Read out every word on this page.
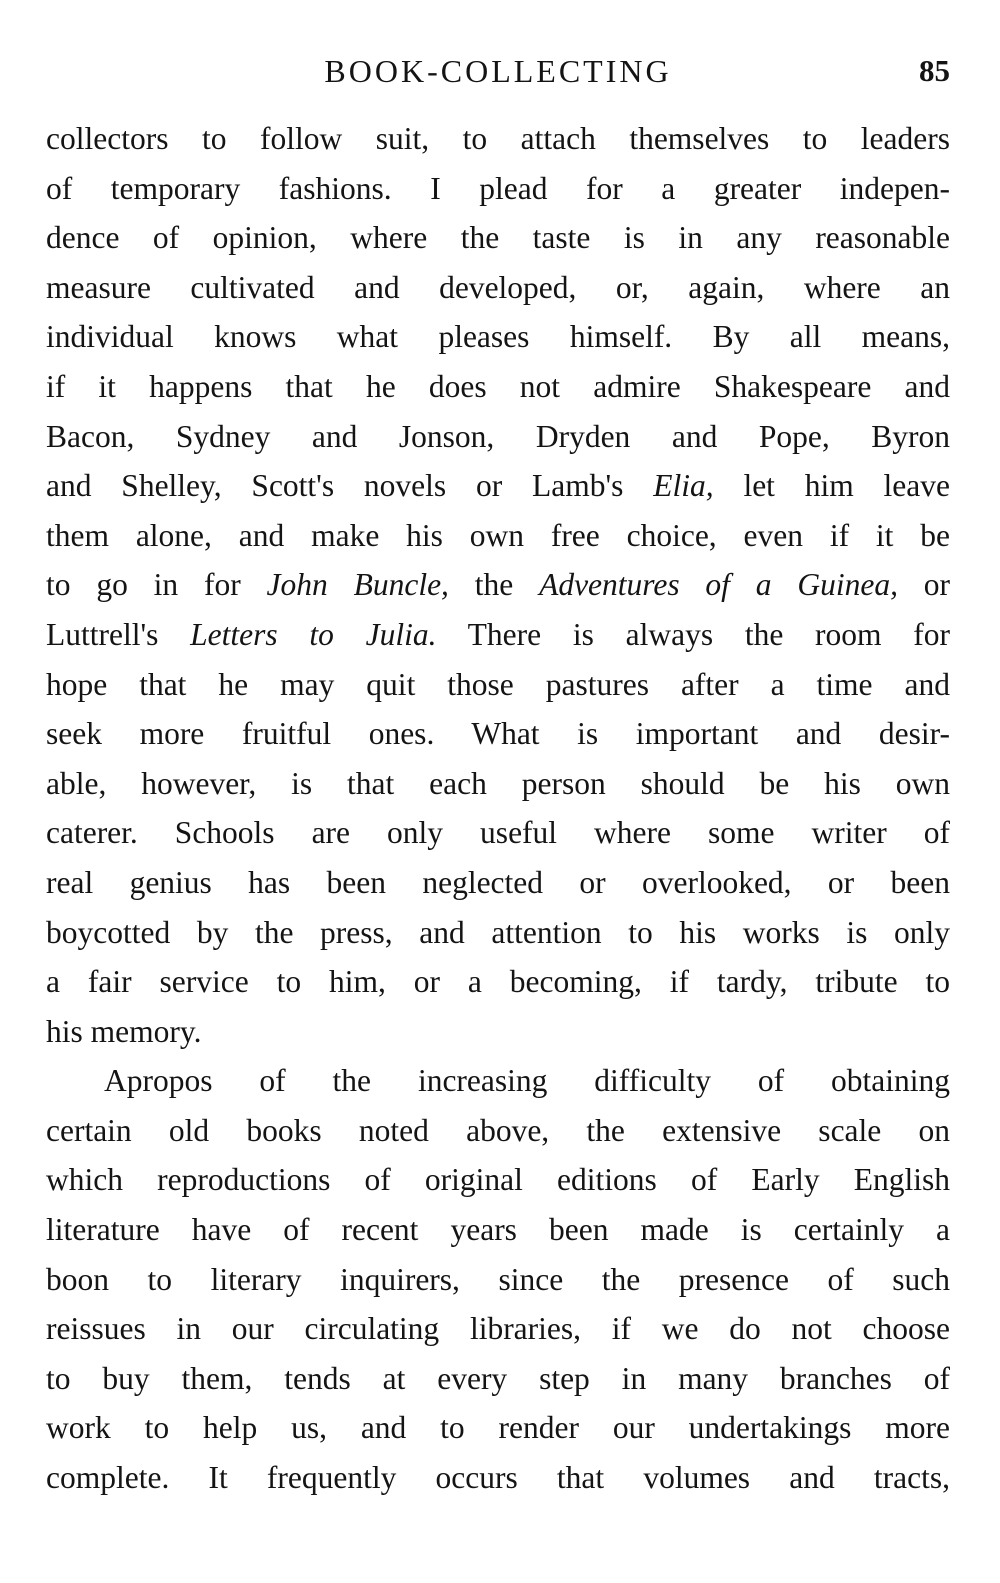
BOOK-COLLECTING	85
collectors to follow suit, to attach themselves to leaders
of temporary fashions. I plead for a greater indepen-
dence of opinion, where the taste is in any reasonable
measure cultivated and developed, or, again, where an
individual knows what pleases himself. By all means,
if it happens that he does not admire Shakespeare and
Bacon, Sydney and Jonson, Dryden and Pope, Byron
and Shelley, Scott's novels or Lamb's Elia, let him leave
them alone, and make his own free choice, even if it be
to go in for John Buncle, the Adventures of a Guinea, or
Luttrell's Letters to Julia. There is always the room for
hope that he may quit those pastures after a time and
seek more fruitful ones. What is important and desir-
able, however, is that each person should be his own
caterer. Schools are only useful where some writer of
real genius has been neglected or overlooked, or been
boycotted by the press, and attention to his works is only
a fair service to him, or a becoming, if tardy, tribute to
his memory.
Apropos of the increasing difficulty of obtaining
certain old books noted above, the extensive scale on
which reproductions of original editions of Early English
literature have of recent years been made is certainly a
boon to literary inquirers, since the presence of such
reissues in our circulating libraries, if we do not choose
to buy them, tends at every step in many branches of
work to help us, and to render our undertakings more
complete. It frequently occurs that volumes and tracts,
